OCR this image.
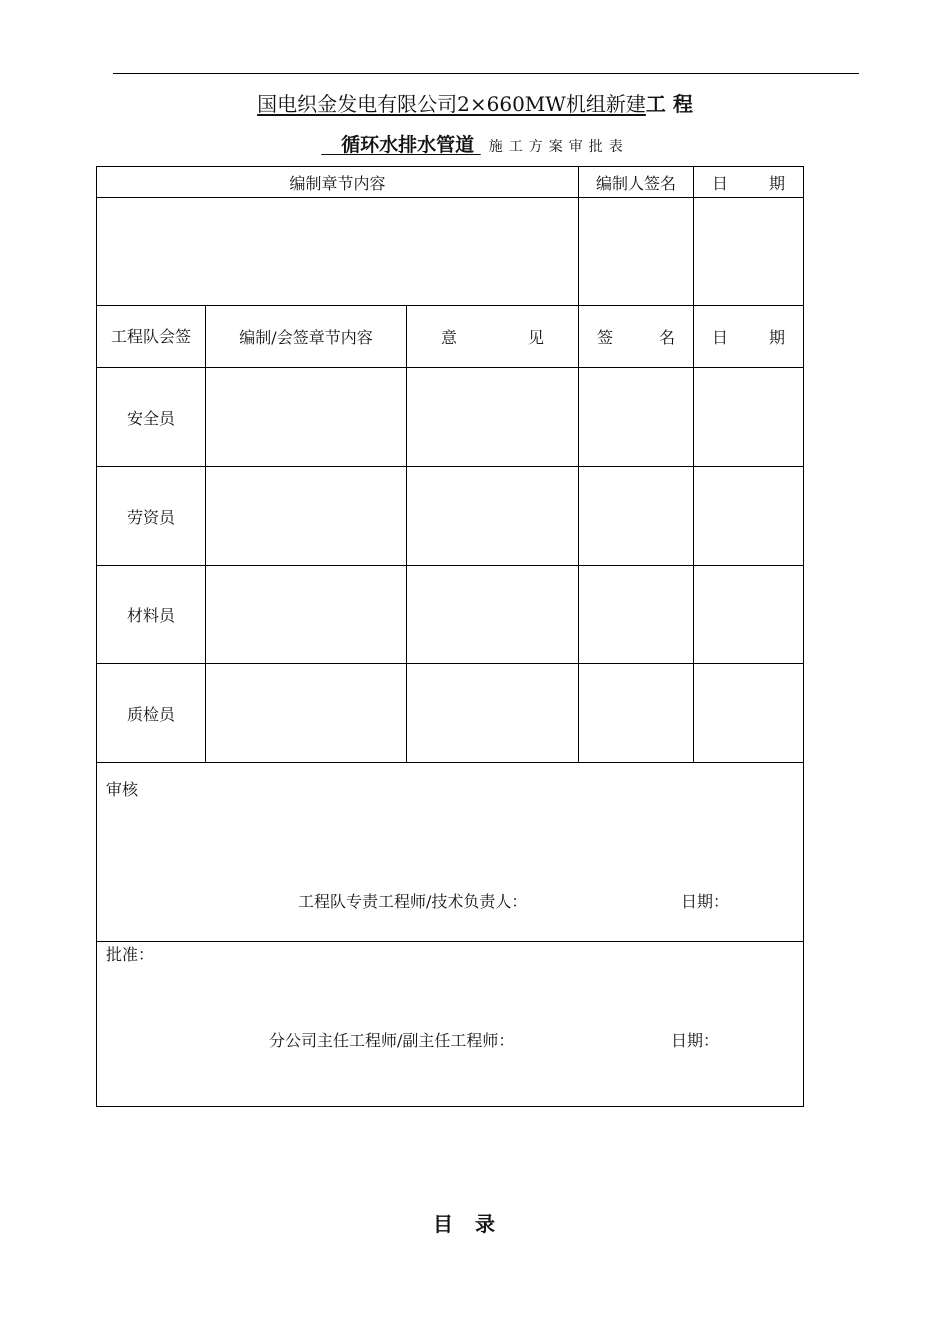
国电织金发电有限公司2×660MW机组新建工 程
循环水排水管道 施工方案审批表
编制章节内容			编制人签名	日 期

工程队会签	编制/会签章节内容	意 见	签 名	日 期

安全员				
劳资员				
材料员				
质检员				

审核
工程队专责工程师/技术负责人： 日期：				

批准：
分公司主任工程师/副主任工程师： 日期：				
目录
